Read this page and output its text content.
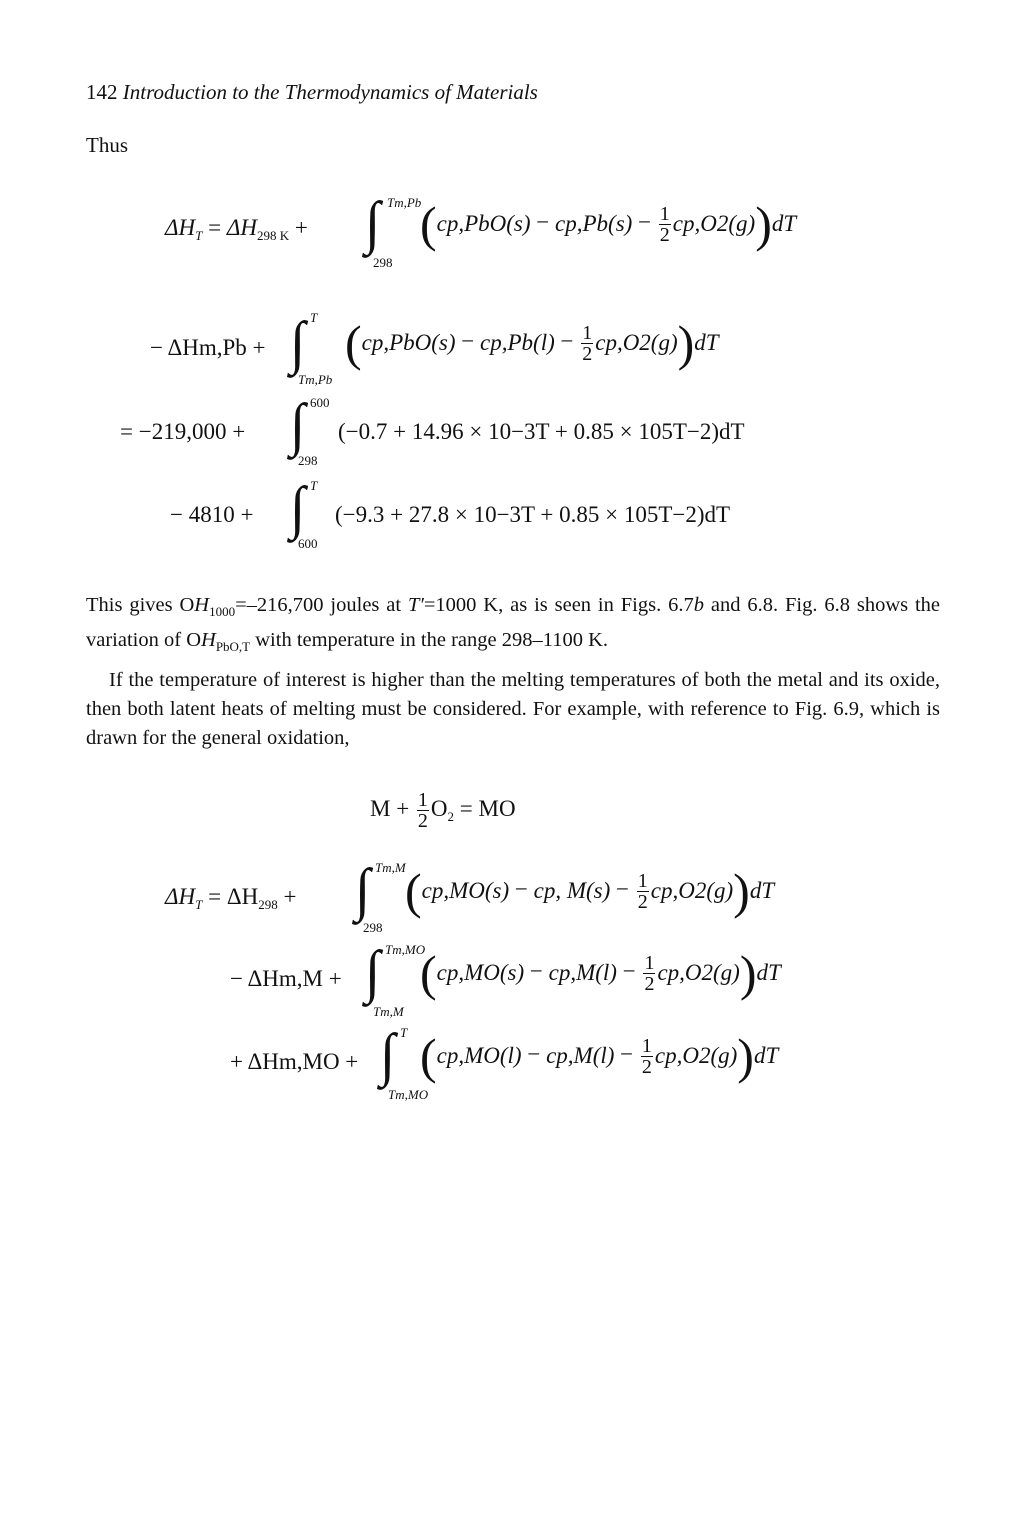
142 Introduction to the Thermodynamics of Materials
Thus
$\Delta H_T = \Delta H_{298 K}$ + ∫ Tm,Pb
298
$(cp,PbO(s) - cp,Pb(s) - \frac{1}{2} cp,O2(g))dT$
− ΔHm,Pb + ∫ T
Tm,Pb
$(cp,PbO(s) - cp,Pb(l) - \frac{1}{2} cp,O2(g))dT$
= −219,000 + ∫ 600
298
(−0.7 + 14.96 × 10−3T + 0.85 × 105T−2)dT
− 4810 + ∫ T
600
(−9.3 + 27.8 × 10−3T + 0.85 × 105T−2)dT
This gives $OH_{1000}=-216,700$ joules at T′=1000 K, as is seen in Figs. 6.7b and 6.8. Fig. 6.8 shows the variation of $OH_{PbO,T}$ with temperature in the range 298–1100 K.
If the temperature of interest is higher than the melting temperatures of both the metal and its oxide, then both latent heats of melting must be considered. For example, with reference to Fig. 6.9, which is drawn for the general oxidation,
$M + \frac{1}{2} O_2$ = MO
$\Delta H_T = \Delta H_{298}$ + ∫ Tm,M
298
(cp,MO(s) − cp, $M(s) - \frac{1}{2} cp,O2(g))dT$
− ΔHm,M + ∫ Tm,MO
Tm,M
$(cp,MO(s) - cp,M(l) - \frac{1}{2} cp,O2(g))dT$
+ ΔHm,MO + ∫ T
Tm,MO
$(cp,MO(l) - cp,M(l) - \frac{1}{2} cp,O2(g))dT$
